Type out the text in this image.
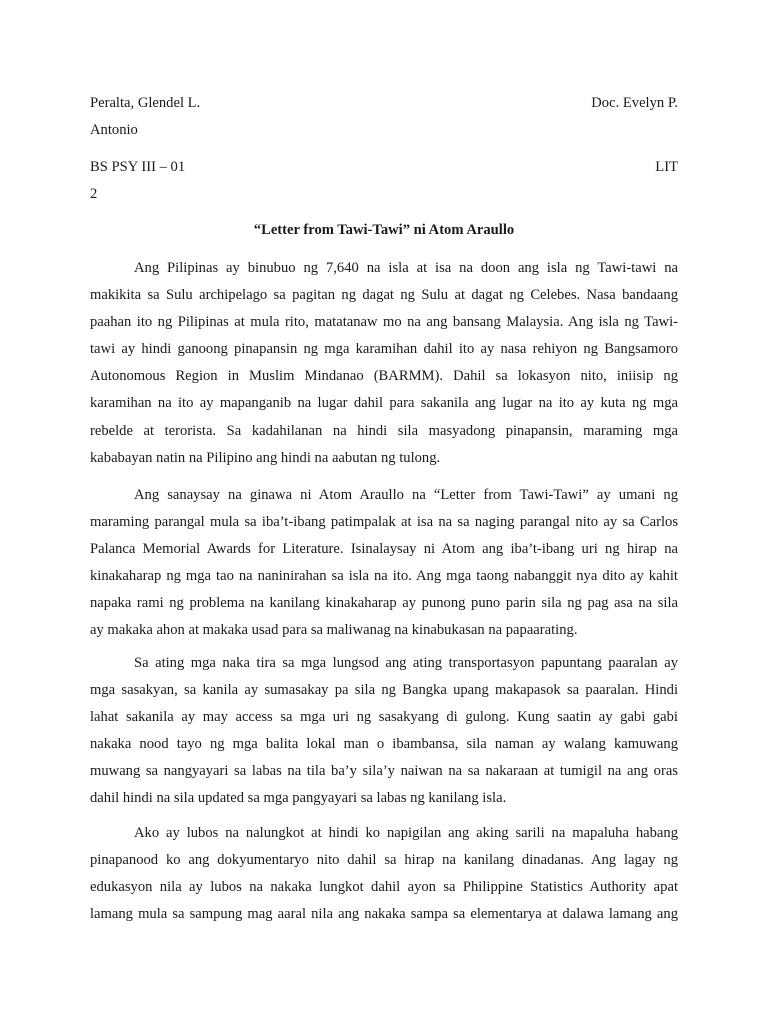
Peralta, Glendel L.	Doc. Evelyn P.
Antonio
BS PSY III – 01	LIT
2
“Letter from Tawi-Tawi” ni Atom Araullo
Ang Pilipinas ay binubuo ng 7,640 na isla at isa na doon ang isla ng Tawi-tawi na
makikita sa Sulu archipelago sa pagitan ng dagat ng Sulu at dagat ng Celebes. Nasa bandaang
paahan ito ng Pilipinas at mula rito, matatanaw mo na ang bansang Malaysia. Ang isla ng Tawi-
tawi ay hindi ganoong pinapansin ng mga karamihan dahil ito ay nasa rehiyon ng Bangsamoro
Autonomous Region in Muslim Mindanao (BARMM). Dahil sa lokasyon nito, iniisip ng
karamihan na ito ay mapanganib na lugar dahil para sakanila ang lugar na ito ay kuta ng mga
rebelde at terorista. Sa kadahilanan na hindi sila masyadong pinapansin, maraming mga
kababayan natin na Pilipino ang hindi na aabutan ng tulong.
Ang sanaysay na ginawa ni Atom Araullo na “Letter from Tawi-Tawi” ay umani ng
maraming parangal mula sa iba’t-ibang patimpalak at isa na sa naging parangal nito ay sa Carlos
Palanca Memorial Awards for Literature. Isinalaysay ni Atom ang iba’t-ibang uri ng hirap na
kinakaharap ng mga tao na naninirahan sa isla na ito. Ang mga taong nabanggit nya dito ay kahit
napaka rami ng problema na kanilang kinakaharap ay punong puno parin sila ng pag asa na sila
ay makaka ahon at makaka usad para sa maliwanag na kinabukasan na papaarating.
Sa ating mga naka tira sa mga lungsod ang ating transportasyon papuntang paaralan ay
mga sasakyan, sa kanila ay sumasakay pa sila ng Bangka upang makapasok sa paaralan. Hindi
lahat sakanila ay may access sa mga uri ng sasakyang di gulong. Kung saatin ay gabi gabi
nakaka nood tayo ng mga balita lokal man o ibambansa, sila naman ay walang kamuwang
muwang sa nangyayari sa labas na tila ba’y sila’y naiwan na sa nakaraan at tumigil na ang oras
dahil hindi na sila updated sa mga pangyayari sa labas ng kanilang isla.
Ako ay lubos na nalungkot at hindi ko napigilan ang aking sarili na mapaluha habang
pinapanood ko ang dokyumentaryo nito dahil sa hirap na kanilang dinadanas. Ang lagay ng
edukasyon nila ay lubos na nakaka lungkot dahil ayon sa Philippine Statistics Authority apat
lamang mula sa sampung mag aaral nila ang nakaka sampa sa elementarya at dalawa lamang ang
